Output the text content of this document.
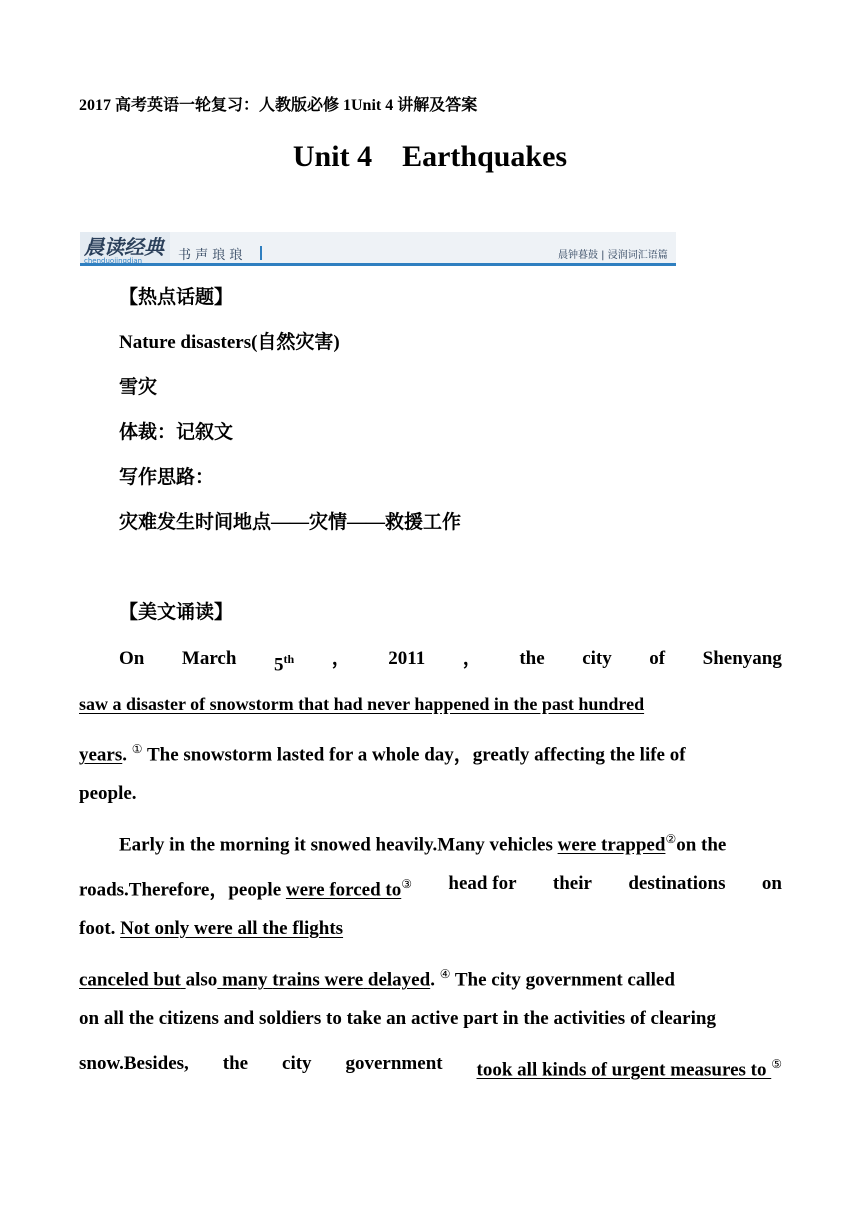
2017 高考英语一轮复习：人教版必修 1Unit 4 讲解及答案
Unit 4    Earthquakes
晨读经典
chenduojingdian	书 声 琅 琅	晨钟暮鼓 | 浸润词汇语篇
【热点话题】
Nature disasters(自然灾害)
雪灾
体裁：记叙文
写作思路：
灾难发生时间地点——灾情——救援工作
【美文诵读】
On March 5th ， 2011 ， the city of Shenyang
saw a disaster of snowstorm that had never happened in the past hundred
years. ① The snowstorm lasted for a whole day，greatly affecting the life of
people.
Early in the morning it snowed heavily.Many vehicles were trapped②on the
roads.Therefore，people were forced to③ head for their destinations on
foot. Not only were all the flights
canceled but also many trains were delayed. ④ The city government called
on all the citizens and soldiers to take an active part in the activities of clearing
snow.Besides, the city government took all kinds of urgent measures to ⑤
